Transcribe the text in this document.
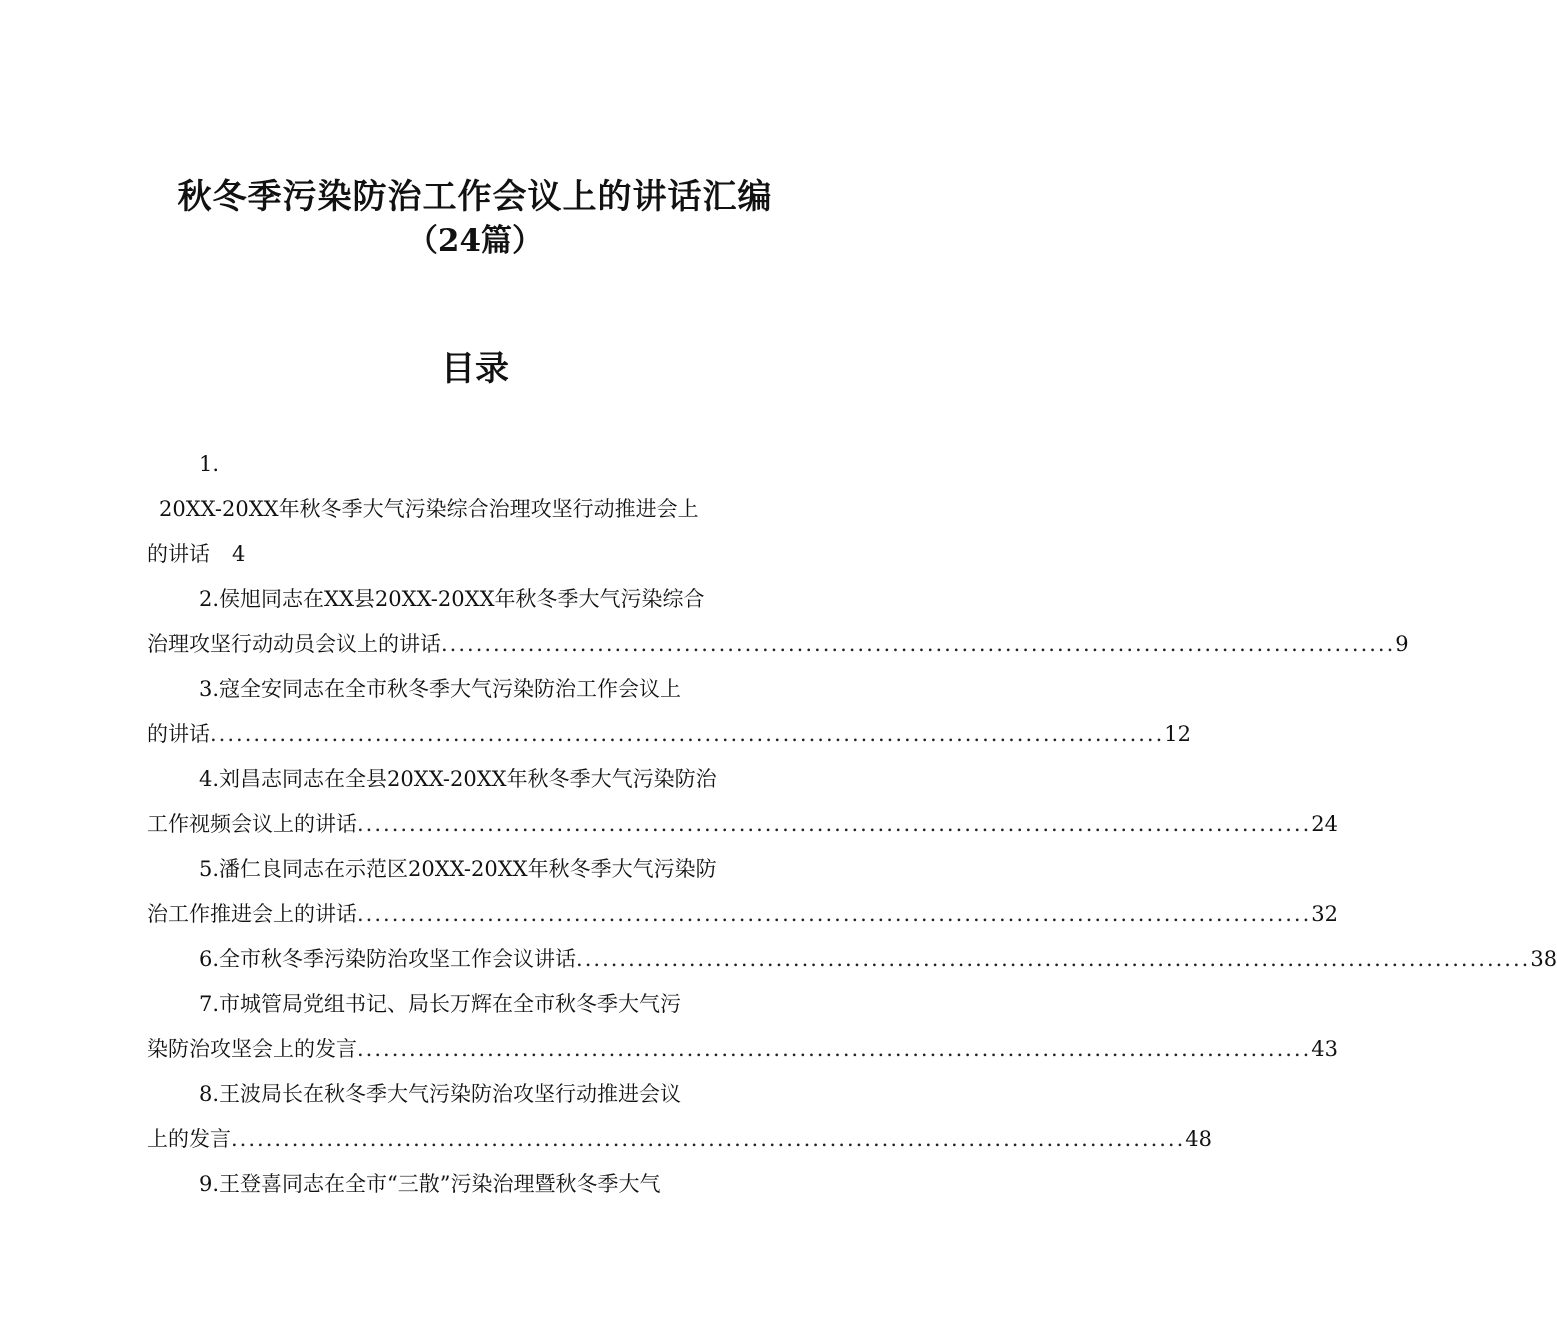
秋冬季污染防治工作会议上的讲话汇编
（24篇）
目录
1.
20XX-20XX年秋冬季大气污染综合治理攻坚行动推进会上
的讲话 4
2.侯旭同志在XX县20XX-20XX年秋冬季大气污染综合
治理攻坚行动动员会议上的讲话 .............................................................................................................. 9
3.寇全安同志在全市秋冬季大气污染防治工作会议上
的讲话 .............................................................................................................. 12
4.刘昌志同志在全县20XX-20XX年秋冬季大气污染防治
工作视频会议上的讲话 .............................................................................................................. 24
5.潘仁良同志在示范区20XX-20XX年秋冬季大气污染防
治工作推进会上的讲话 .............................................................................................................. 32
6.全市秋冬季污染防治攻坚工作会议讲话 .............................................................................................................. 38
7.市城管局党组书记、局长万辉在全市秋冬季大气污
染防治攻坚会上的发言 .............................................................................................................. 43
8.王波局长在秋冬季大气污染防治攻坚行动推进会议
上的发言 .............................................................................................................. 48
9.王登喜同志在全市“三散”污染治理暨秋冬季大气
